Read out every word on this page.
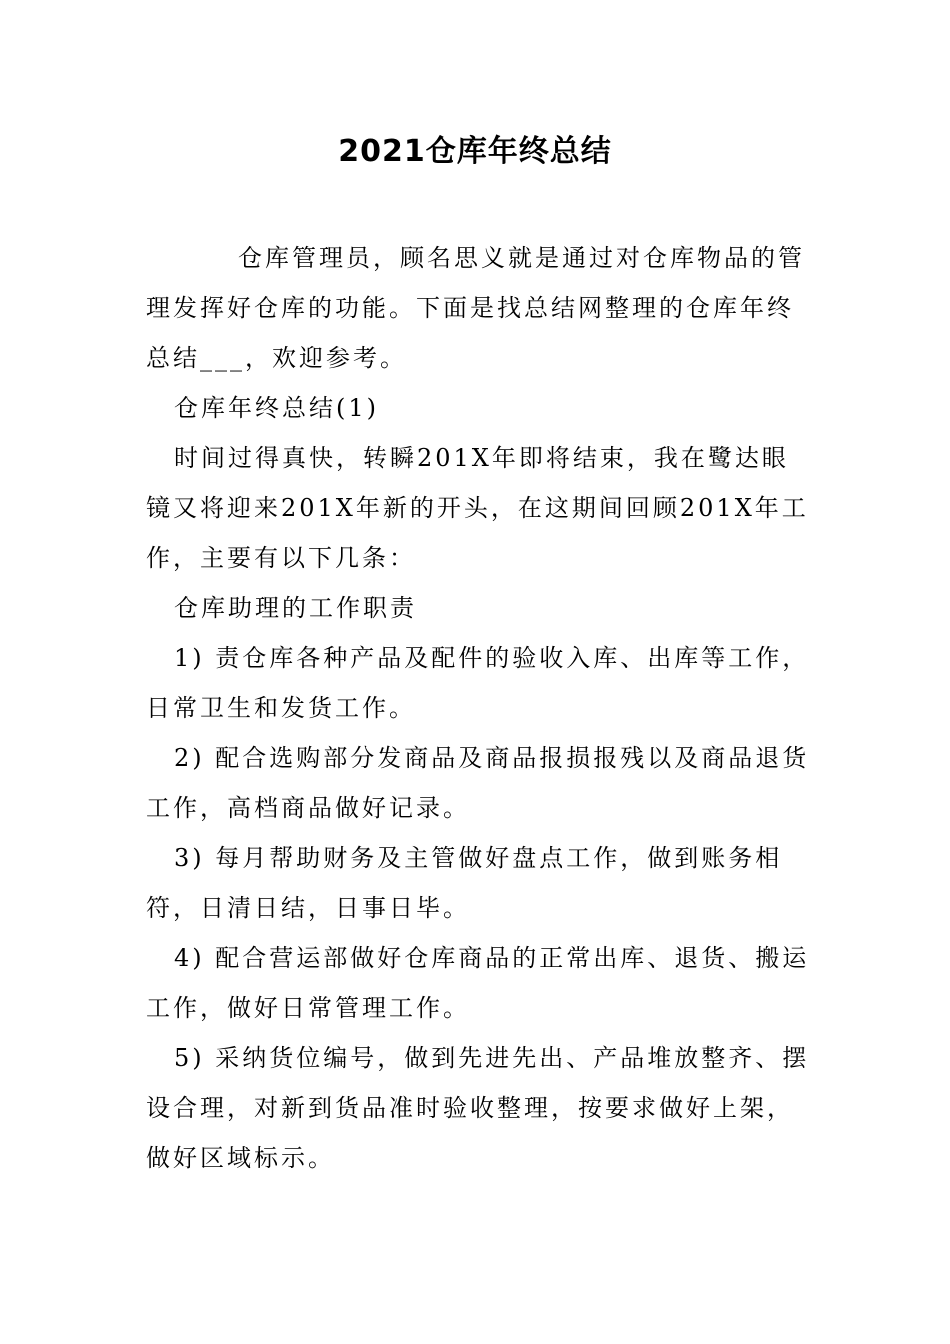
2021仓库年终总结

仓库管理员，顾名思义就是通过对仓库物品的管理发挥好仓库的功能。下面是找总结网整理的仓库年终总结___，欢迎参考。

仓库年终总结(1)

时间过得真快，转瞬201X年即将结束，我在鹭达眼镜又将迎来201X年新的开头，在这期间回顾201X年工作，主要有以下几条：

仓库助理的工作职责

1) 责仓库各种产品及配件的验收入库、出库等工作，日常卫生和发货工作。

2) 配合选购部分发商品及商品报损报残以及商品退货工作，高档商品做好记录。

3) 每月帮助财务及主管做好盘点工作，做到账务相符，日清日结，日事日毕。

4) 配合营运部做好仓库商品的正常出库、退货、搬运工作，做好日常管理工作。

5) 采纳货位编号，做到先进先出、产品堆放整齐、摆设合理，对新到货品准时验收整理，按要求做好上架，做好区域标示。
